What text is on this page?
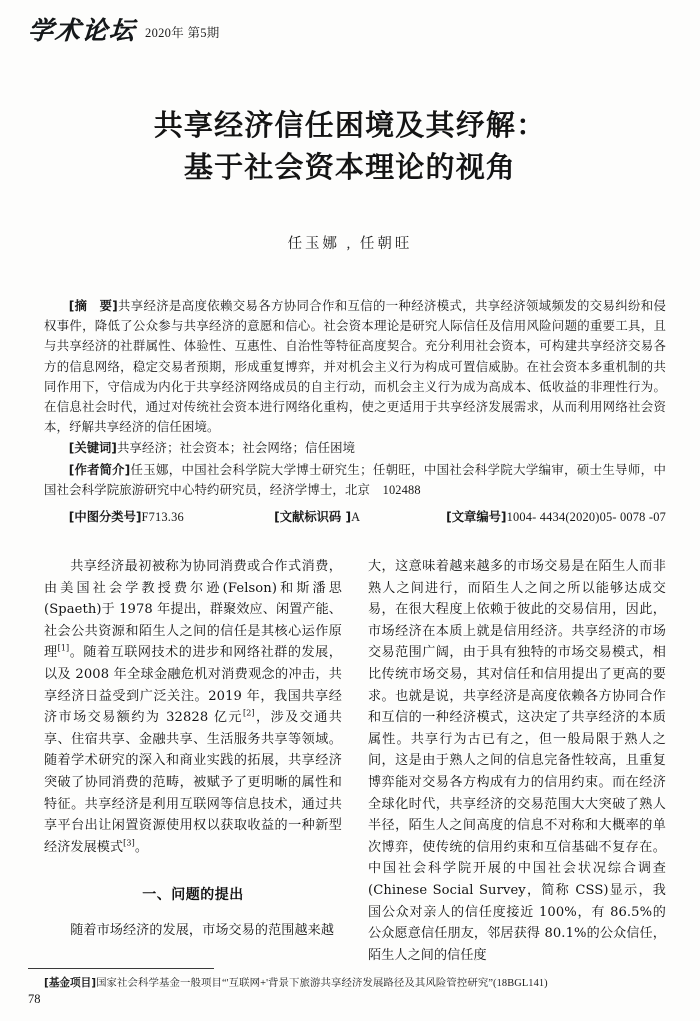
学术论坛 2020年 第5期
共享经济信任困境及其纾解：
基于社会资本理论的视角
任玉娜 , 任朝旺

[摘　要]共享经济是高度依赖交易各方协同合作和互信的一种经济模式，共享经济领域频发的交易纠纷和侵权事件，降低了公众参与共享经济的意愿和信心。社会资本理论是研究人际信任及信用风险问题的重要工具，且与共享经济的社群属性、体验性、互惠性、自治性等特征高度契合。充分利用社会资本，可构建共享经济交易各方的信息网络，稳定交易者预期，形成重复博弈，并对机会主义行为构成可置信威胁。在社会资本多重机制的共同作用下，守信成为内化于共享经济网络成员的自主行动，而机会主义行为成为高成本、低收益的非理性行为。在信息社会时代，通过对传统社会资本进行网络化重构，使之更适用于共享经济发展需求，从而利用网络社会资本，纾解共享经济的信任困境。

[关键词]共享经济；社会资本；社会网络；信任困境

[作者简介]任玉娜，中国社会科学院大学博士研究生；任朝旺，中国社会科学院大学编审，硕士生导师，中国社会科学院旅游研究中心特约研究员，经济学博士，北京　102488

[中图分类号]F713.36	[文献标识码 ]A	[文章编号]1004- 4434(2020)05- 0078 -07

共享经济最初被称为协同消费或合作式消费，由美国社会学教授费尔逊(Felson)和斯潘思(Spaeth)于 1978 年提出，群聚效应、闲置产能、社会公共资源和陌生人之间的信任是其核心运作原理[1]。随着互联网技术的进步和网络社群的发展，以及 2008 年全球金融危机对消费观念的冲击，共享经济日益受到广泛关注。2019 年，我国共享经济市场交易额约为 32828 亿元[2]，涉及交通共享、住宿共享、金融共享、生活服务共享等领域。随着学术研究的深入和商业实践的拓展，共享经济突破了协同消费的范畴，被赋予了更明晰的属性和特征。共享经济是利用互联网等信息技术，通过共享平台出让闲置资源使用权以获取收益的一种新型经济发展模式[3]。

一、问题的提出

随着市场经济的发展，市场交易的范围越来越

大，这意味着越来越多的市场交易是在陌生人而非熟人之间进行，而陌生人之间之所以能够达成交易，在很大程度上依赖于彼此的交易信用，因此，市场经济在本质上就是信用经济。共享经济的市场交易范围广阔，由于具有独特的市场交易模式，相比传统市场交易，其对信任和信用提出了更高的要求。也就是说，共享经济是高度依赖各方协同合作和互信的一种经济模式，这决定了共享经济的本质属性。共享行为古已有之，但一般局限于熟人之间，这是由于熟人之间的信息完备性较高，且重复博弈能对交易各方构成有力的信用约束。而在经济全球化时代，共享经济的交易范围大大突破了熟人半径，陌生人之间高度的信息不对称和大概率的单次博弈，使传统的信用约束和互信基础不复存在。中国社会科学院开展的中国社会状况综合调查(Chinese Social Survey，简称 CSS)显示，我国公众对亲人的信任度接近 100%，有 86.5%的公众愿意信任朋友，邻居获得 80.1%的公众信任，陌生人之间的信任度

[基金项目]国家社会科学基金一般项目“'互联网+'背景下旅游共享经济发展路径及其风险管控研究”(18BGL141)

78
